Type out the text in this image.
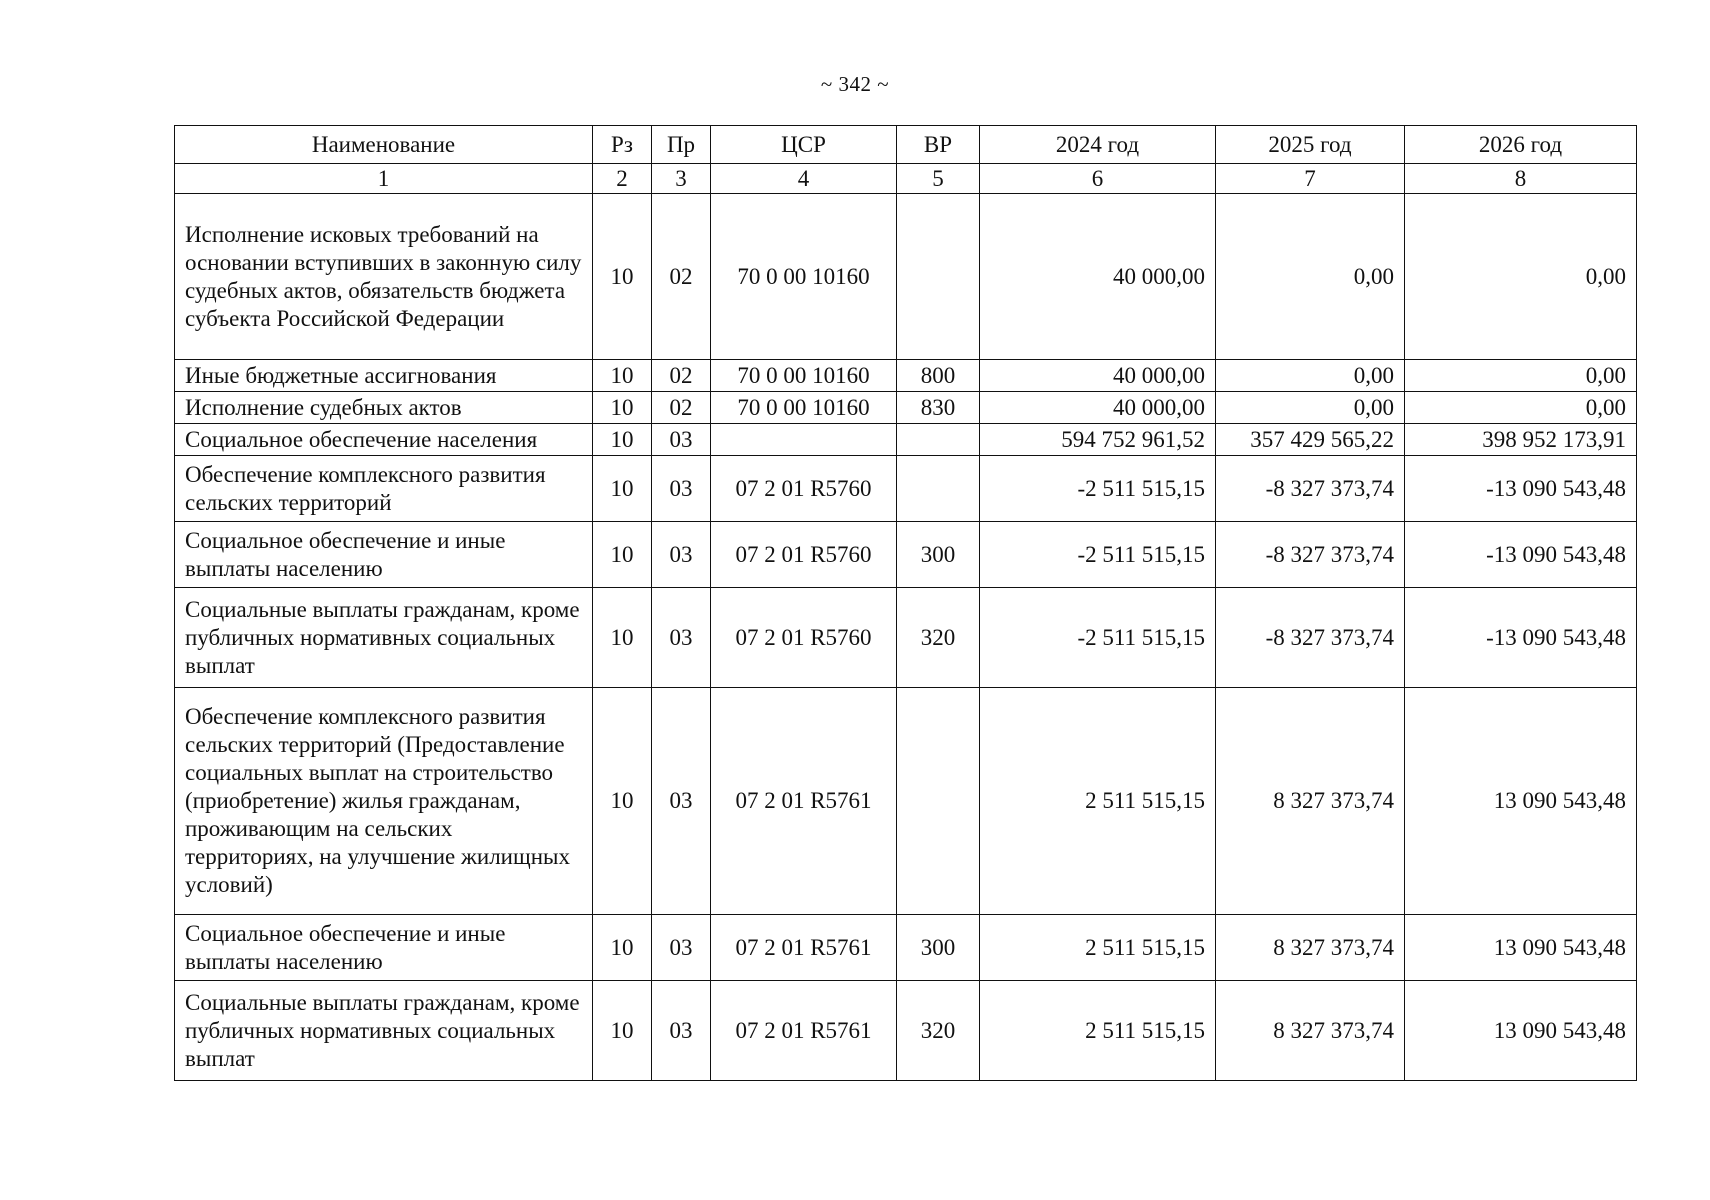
~ 342 ~
Наименование	Рз	Пр	ЦСР	ВР	2024 год	2025 год	2026 год
1	2	3	4	5	6	7	8
Исполнение исковых требований на основании вступивших в законную силу судебных актов, обязательств бюджета субъекта Российской Федерации	10	02	70 0 00 10160		40 000,00	0,00	0,00
Иные бюджетные ассигнования	10	02	70 0 00 10160	800	40 000,00	0,00	0,00
Исполнение судебных актов	10	02	70 0 00 10160	830	40 000,00	0,00	0,00
Социальное обеспечение населения	10	03			594 752 961,52	357 429 565,22	398 952 173,91
Обеспечение комплексного развития сельских территорий	10	03	07 2 01 R5760		-2 511 515,15	-8 327 373,74	-13 090 543,48
Социальное обеспечение и иные выплаты населению	10	03	07 2 01 R5760	300	-2 511 515,15	-8 327 373,74	-13 090 543,48
Социальные выплаты гражданам, кроме публичных нормативных социальных выплат	10	03	07 2 01 R5760	320	-2 511 515,15	-8 327 373,74	-13 090 543,48
Обеспечение комплексного развития сельских территорий (Предоставление социальных выплат на строительство (приобретение) жилья гражданам, проживающим на сельских территориях, на улучшение жилищных условий)	10	03	07 2 01 R5761		2 511 515,15	8 327 373,74	13 090 543,48
Социальное обеспечение и иные выплаты населению	10	03	07 2 01 R5761	300	2 511 515,15	8 327 373,74	13 090 543,48
Социальные выплаты гражданам, кроме публичных нормативных социальных выплат	10	03	07 2 01 R5761	320	2 511 515,15	8 327 373,74	13 090 543,48
